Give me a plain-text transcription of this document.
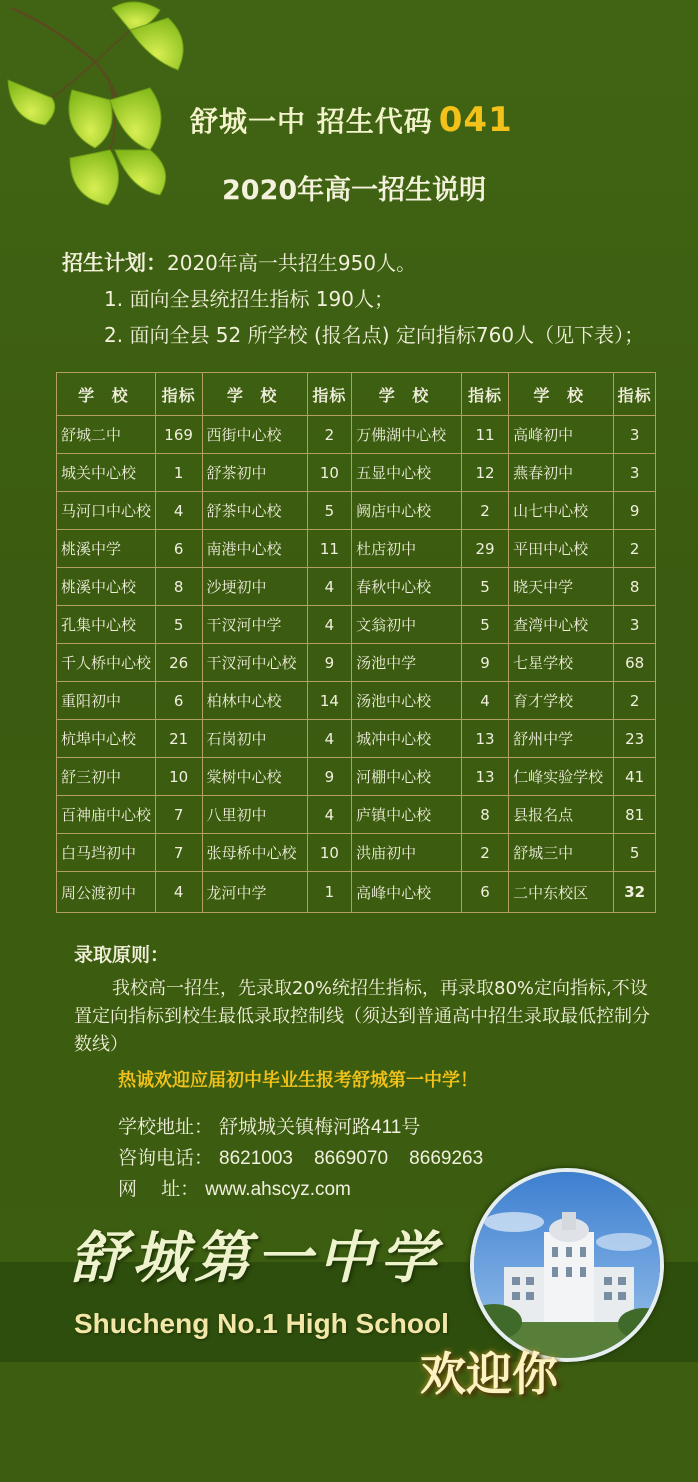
舒城一中 招生代码 041
2020年高一招生说明
招生计划：2020年高一共招生950人。
1. 面向全县统招生指标 190人；
2. 面向全县 52 所学校 (报名点) 定向指标760人（见下表）；
学 校	指标	学 校	指标	学 校	指标	学 校	指标
舒城二中	169	西街中心校	2	万佛湖中心校	11	高峰初中	3
城关中心校	1	舒茶初中	10	五显中心校	12	燕春初中	3
马河口中心校	4	舒茶中心校	5	阙店中心校	2	山七中心校	9
桃溪中学	6	南港中心校	11	杜店初中	29	平田中心校	2
桃溪中心校	8	沙埂初中	4	春秋中心校	5	晓天中学	8
孔集中心校	5	干汊河中学	4	文翁初中	5	查湾中心校	3
千人桥中心校	26	干汊河中心校	9	汤池中学	9	七星学校	68
重阳初中	6	柏林中心校	14	汤池中心校	4	育才学校	2
杭埠中心校	21	石岗初中	4	城冲中心校	13	舒州中学	23
舒三初中	10	棠树中心校	9	河棚中心校	13	仁峰实验学校	41
百神庙中心校	7	八里初中	4	庐镇中心校	8	县报名点	81
白马垱初中	7	张母桥中心校	10	洪庙初中	2	舒城三中	5
周公渡初中	4	龙河中学	1	高峰中心校	6	二中东校区	32
录取原则：
我校高一招生，先录取20%统招生指标，再录取80%定向指标,不设置定向指标到校生最低录取控制线（须达到普通高中招生录取最低控制分数线）
热诚欢迎应届初中毕业生报考舒城第一中学！
学校地址： 舒城城关镇梅河路411号
咨询电话： 8621003    8669070    8669263
网    址： www.ahscyz.com
舒城第一中学
Shucheng No.1 High School
欢迎你
